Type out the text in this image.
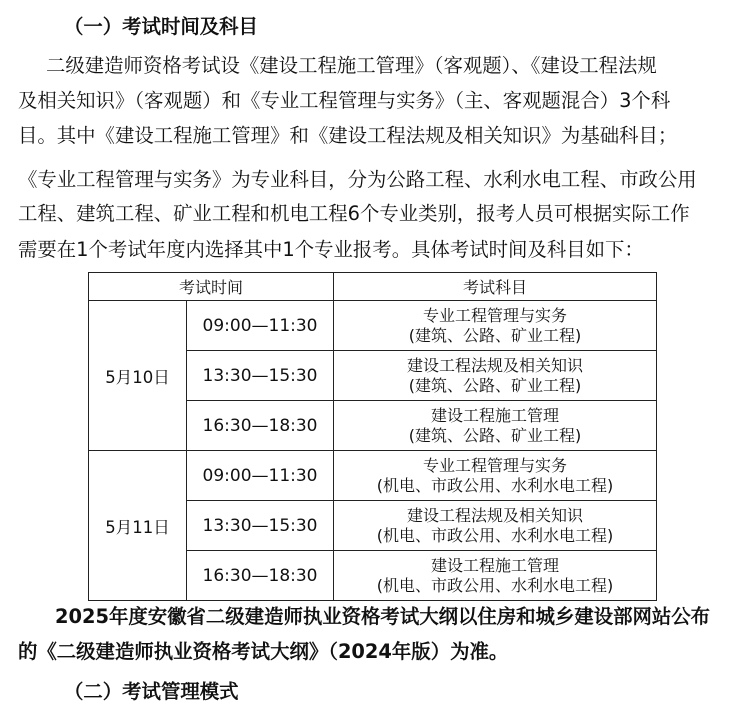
（一）考试时间及科目
二级建造师资格考试设《建设工程施工管理》（客观题）、《建设工程法规
及相关知识》（客观题）和《专业工程管理与实务》（主、客观题混合）3个科
目。其中《建设工程施工管理》和《建设工程法规及相关知识》为基础科目；
《专业工程管理与实务》为专业科目，分为公路工程、水利水电工程、市政公用
工程、建筑工程、矿业工程和机电工程6个专业类别，报考人员可根据实际工作
需要在1个考试年度内选择其中1个专业报考。具体考试时间及科目如下：
考试时间		考试科目
5月10日	09:00—11:30	专业工程管理与实务
(建筑、公路、矿业工程)

	13:30—15:30	建设工程法规及相关知识
(建筑、公路、矿业工程)

	16:30—18:30	建设工程施工管理
(建筑、公路、矿业工程)

5月11日	09:00—11:30	专业工程管理与实务
(机电、市政公用、水利水电工程)

	13:30—15:30	建设工程法规及相关知识
(机电、市政公用、水利水电工程)

	16:30—18:30	建设工程施工管理
(机电、市政公用、水利水电工程)
2025年度安徽省二级建造师执业资格考试大纲以住房和城乡建设部网站公布
的《二级建造师执业资格考试大纲》（2024年版）为准。
（二）考试管理模式
